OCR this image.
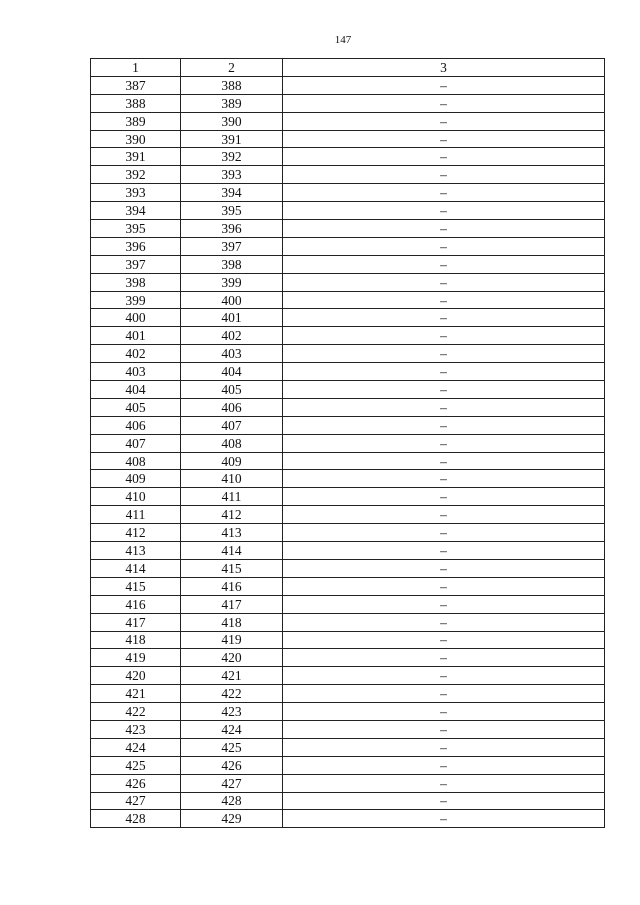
147
1	2	3
387	388	–
388	389	–
389	390	–
390	391	–
391	392	–
392	393	–
393	394	–
394	395	–
395	396	–
396	397	–
397	398	–
398	399	–
399	400	–
400	401	–
401	402	–
402	403	–
403	404	–
404	405	–
405	406	–
406	407	–
407	408	–
408	409	–
409	410	–
410	411	–
411	412	–
412	413	–
413	414	–
414	415	–
415	416	–
416	417	–
417	418	–
418	419	–
419	420	–
420	421	–
421	422	–
422	423	–
423	424	–
424	425	–
425	426	–
426	427	–
427	428	–
428	429	–
